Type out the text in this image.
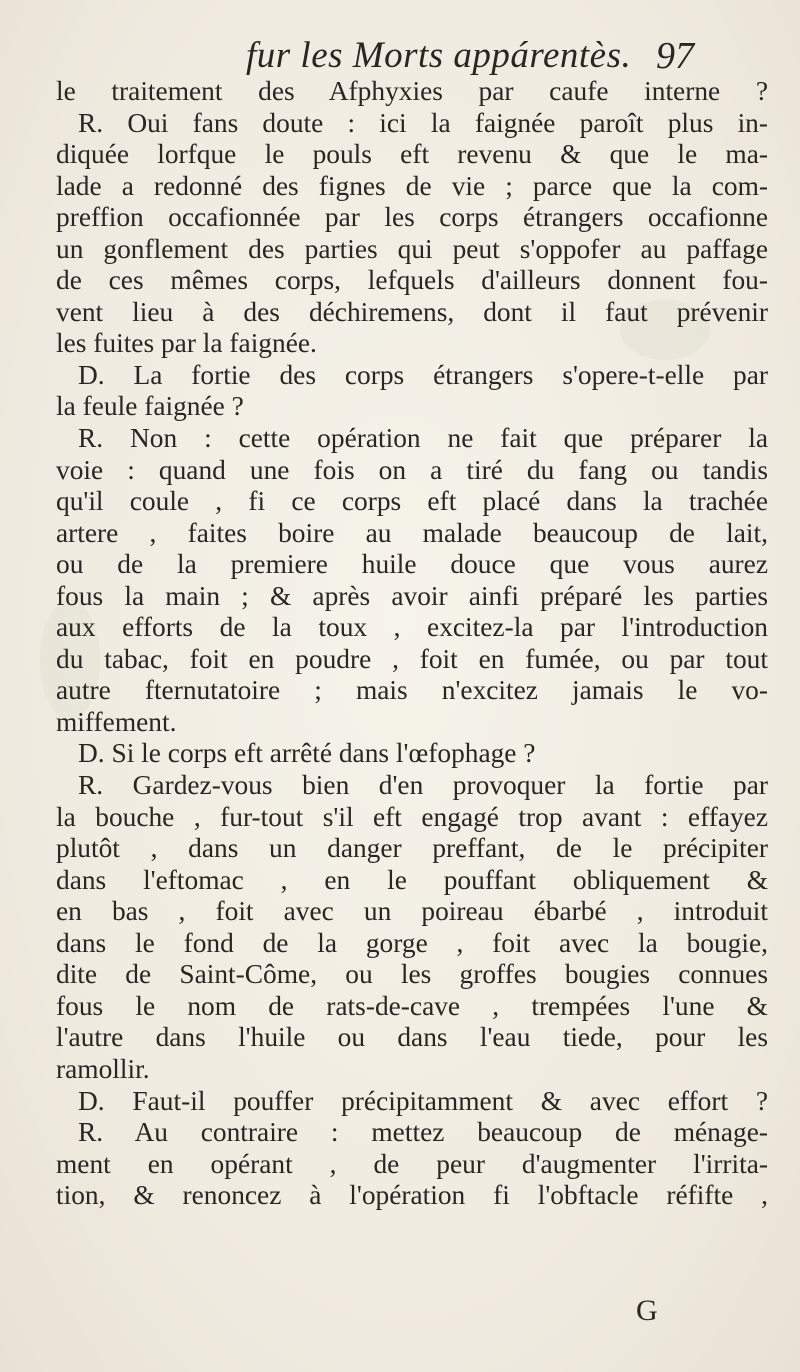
fur les Morts appárentès. 97
le traitement des Afphyxies par caufe interne ?
R. Oui fans doute : ici la faignée paroît plus in-
diquée lorfque le pouls eft revenu & que le ma-
lade a redonné des fignes de vie ; parce que la com-
preffion occafionnée par les corps étrangers occafionne
un gonflement des parties qui peut s'oppofer au paffage
de ces mêmes corps, lefquels d'ailleurs donnent fou-
vent lieu à des déchiremens, dont il faut prévenir
les fuites par la faignée.
D. La fortie des corps étrangers s'opere-t-elle par
la feule faignée ?
R. Non : cette opération ne fait que préparer la
voie : quand une fois on a tiré du fang ou tandis
qu'il coule , fi ce corps eft placé dans la trachée
artere , faites boire au malade beaucoup de lait,
ou de la premiere huile douce que vous aurez
fous la main ; & après avoir ainfi préparé les parties
aux efforts de la toux , excitez-la par l'introduction
du tabac, foit en poudre , foit en fumée, ou par tout
autre fternutatoire ; mais n'excitez jamais le vo-
miffement.
D. Si le corps eft arrêté dans l'œfophage ?
R. Gardez-vous bien d'en provoquer la fortie par
la bouche , fur-tout s'il eft engagé trop avant : effayez
plutôt , dans un danger preffant, de le précipiter
dans l'eftomac , en le pouffant obliquement &
en bas , foit avec un poireau ébarbé , introduit
dans le fond de la gorge , foit avec la bougie,
dite de Saint-Côme, ou les groffes bougies connues
fous le nom de rats-de-cave , trempées l'une &
l'autre dans l'huile ou dans l'eau tiede, pour les
ramollir.
D. Faut-il pouffer précipitamment & avec effort ?
R. Au contraire : mettez beaucoup de ménage-
ment en opérant , de peur d'augmenter l'irrita-
tion, & renoncez à l'opération fi l'obftacle réfifte ,
G
